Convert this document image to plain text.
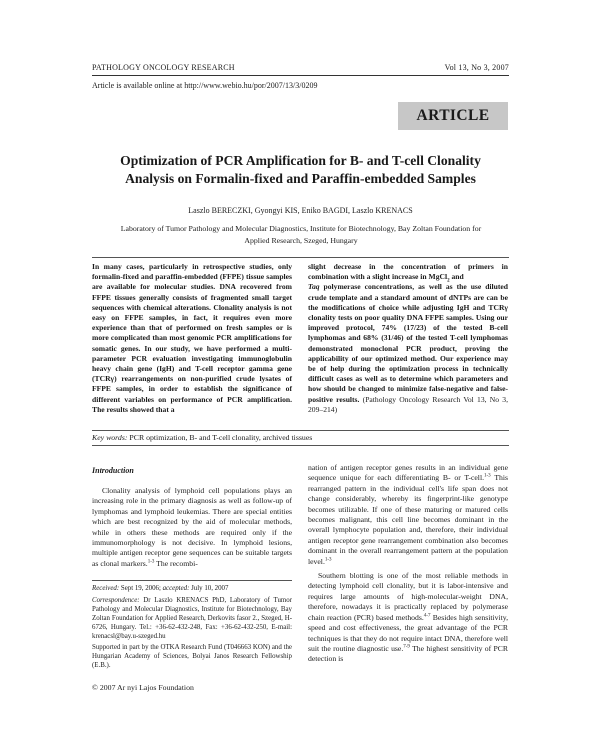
PATHOLOGY ONCOLOGY RESEARCH	Vol 13, No 3, 2007
Article is available online at http://www.webio.hu/por/2007/13/3/0209
ARTICLE
Optimization of PCR Amplification for B- and T-cell Clonality
Analysis on Formalin-fixed and Paraffin-embedded Samples
Laszlo BERECZKI, Gyongyi KIS, Eniko BAGDI, Laszlo KRENACS
Laboratory of Tumor Pathology and Molecular Diagnostics, Institute for Biotechnology, Bay Zoltan Foundation for Applied Research, Szeged, Hungary
In many cases, particularly in retrospective studies, only formalin-fixed and paraffin-embedded (FFPE) tissue samples are available for molecular studies. DNA recovered from FFPE tissues generally consists of fragmented small target sequences with chemical alterations. Clonality analysis is not easy on FFPE samples, in fact, it requires even more experience than that of performed on fresh samples or is more complicated than most genomic PCR amplifications for somatic genes. In our study, we have performed a multi-parameter PCR evaluation investigating immunoglobulin heavy chain gene (IgH) and T-cell receptor gamma gene (TCRγ) rearrangements on non-purified crude lysates of FFPE samples, in order to establish the significance of different variables on performance of PCR amplification. The results showed that a
slight decrease in the concentration of primers in combination with a slight increase in MgCl$_2$ and
Taq polymerase concentrations, as well as the use diluted crude template and a standard amount of dNTPs are can be the modifications of choice while adjusting IgH and TCRγ clonality tests on poor quality DNA FFPE samples. Using our improved protocol, 74% (17/23) of the tested B-cell lymphomas and 68% (31/46) of the tested T-cell lymphomas demonstrated monoclonal PCR product, proving the applicability of our optimized method. Our experience may be of help during the optimization process in technically difficult cases as well as to determine which parameters and how should be changed to minimize false-negative and false-positive results. (Pathology Oncology Research Vol 13, No 3, 209–214)
Key words: PCR optimization, B- and T-cell clonality, archived tissues
Introduction
Clonality analysis of lymphoid cell populations plays an increasing role in the primary diagnosis as well as follow-up of lymphomas and lymphoid leukemias. There are special entities which are best recognized by the aid of molecular methods, while in others these methods are required only if the immunomorphology is not decisive. In lymphoid lesions, multiple antigen receptor gene sequences can be suitable targets as clonal markers.$^{1-3}$ The recombi-
Received: Sept 19, 2006; accepted: July 10, 2007
Correspondence: Dr Laszlo KRENACS PhD, Laboratory of Tumor Pathology and Molecular Diagnostics, Institute for Biotechnology, Bay Zoltan Foundation for Applied Research, Derkovits fasor 2., Szeged, H-6726, Hungary. Tel.: +36-62-432-248, Fax: +36-62-432-250, E-mail: krenacsl@bay.u-szeged.hu
Supported in part by the OTKA Research Fund (T046663 KON) and the Hungarian Academy of Sciences, Bolyai Janos Research Fellowship (E.B.).
nation of antigen receptor genes results in an individual gene sequence unique for each differentiating B- or T-cell.$^{1-3}$ This rearranged pattern in the individual cell's life span does not change considerably, whereby its fingerprint-like genotype becomes utilizable. If one of these maturing or matured cells becomes malignant, this cell line becomes dominant in the overall lymphocyte population and, therefore, their individual antigen receptor gene rearrangement combination also becomes dominant in the overall rearrangement pattern at the population level.$^{1-3}$
Southern blotting is one of the most reliable methods in detecting lymphoid cell clonality, but it is labor-intensive and requires large amounts of high-molecular-weight DNA, therefore, nowadays it is practically replaced by polymerase chain reaction (PCR) based methods.$^{4-7}$ Besides high sensitivity, speed and cost effectiveness, the great advantage of the PCR techniques is that they do not require intact DNA, therefore well suit the routine diagnostic use.$^{7-9}$ The highest sensitivity of PCR detection is
© 2007 Ar nyi Lajos Foundation
